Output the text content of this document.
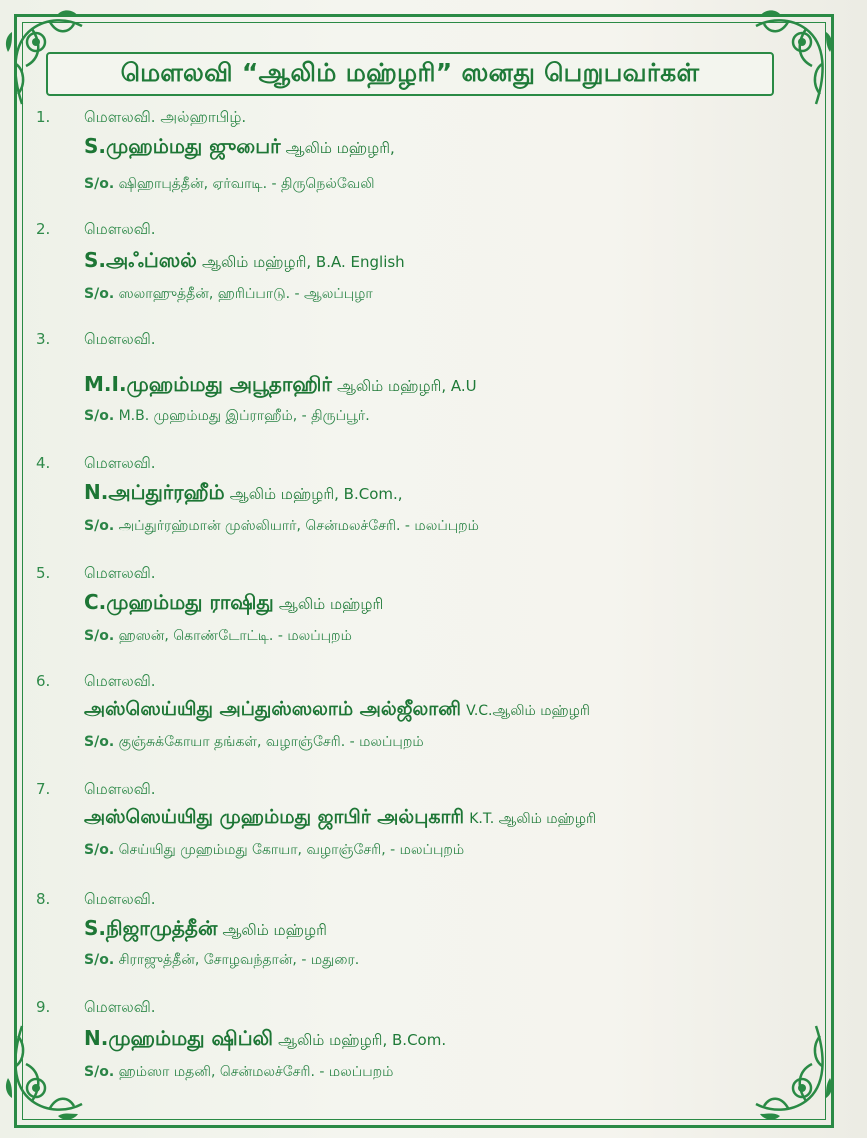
மௌலவி “ஆலிம் மஹ்ழரி” ஸனது பெறுபவர்கள்
1. மௌலவி. அல்ஹாபிழ்.
S.முஹம்மது ஜுபைர் ஆலிம் மஹ்ழரி,
S/o. ஷிஹாபுத்தீன், ஏர்வாடி. - திருநெல்வேலி
2. மௌலவி.
S.அஃப்ஸல் ஆலிம் மஹ்ழரி, B.A. English
S/o. ஸலாஹுத்தீன், ஹரிப்பாடு. - ஆலப்புழா
3. மௌலவி.
M.I.முஹம்மது அபூதாஹிர் ஆலிம் மஹ்ழரி, A.U
S/o. M.B. முஹம்மது இப்ராஹீம், - திருப்பூர்.
4. மௌலவி.
N.அப்துர்ரஹீம் ஆலிம் மஹ்ழரி, B.Com.,
S/o. அப்துர்ரஹ்மான் முஸ்லியார், சென்மலச்சேரி. - மலப்புறம்
5. மௌலவி.
C.முஹம்மது ராஷிது ஆலிம் மஹ்ழரி
S/o. ஹஸன், கொண்டோட்டி. - மலப்புறம்
6. மௌலவி.
அஸ்ஸெய்யிது அப்துஸ்ஸலாம் அல்ஜீலானி V.C.ஆலிம் மஹ்ழரி
S/o. குஞ்சுக்கோயா தங்கள், வழாஞ்சேரி. - மலப்புறம்
7. மௌலவி.
அஸ்ஸெய்யிது முஹம்மது ஜாபிர் அல்புகாரி K.T. ஆலிம் மஹ்ழரி
S/o. செய்யிது முஹம்மது கோயா, வழாஞ்சேரி, - மலப்புறம்
8. மௌலவி.
S.நிஜாமுத்தீன் ஆலிம் மஹ்ழரி
S/o. சிராஜுத்தீன், சோழவந்தான், - மதுரை.
9. மௌலவி.
N.முஹம்மது ஷிப்லி ஆலிம் மஹ்ழரி, B.Com.
S/o. ஹம்ஸா மதனி, சென்மலச்சேரி. - மலப்பறம்
